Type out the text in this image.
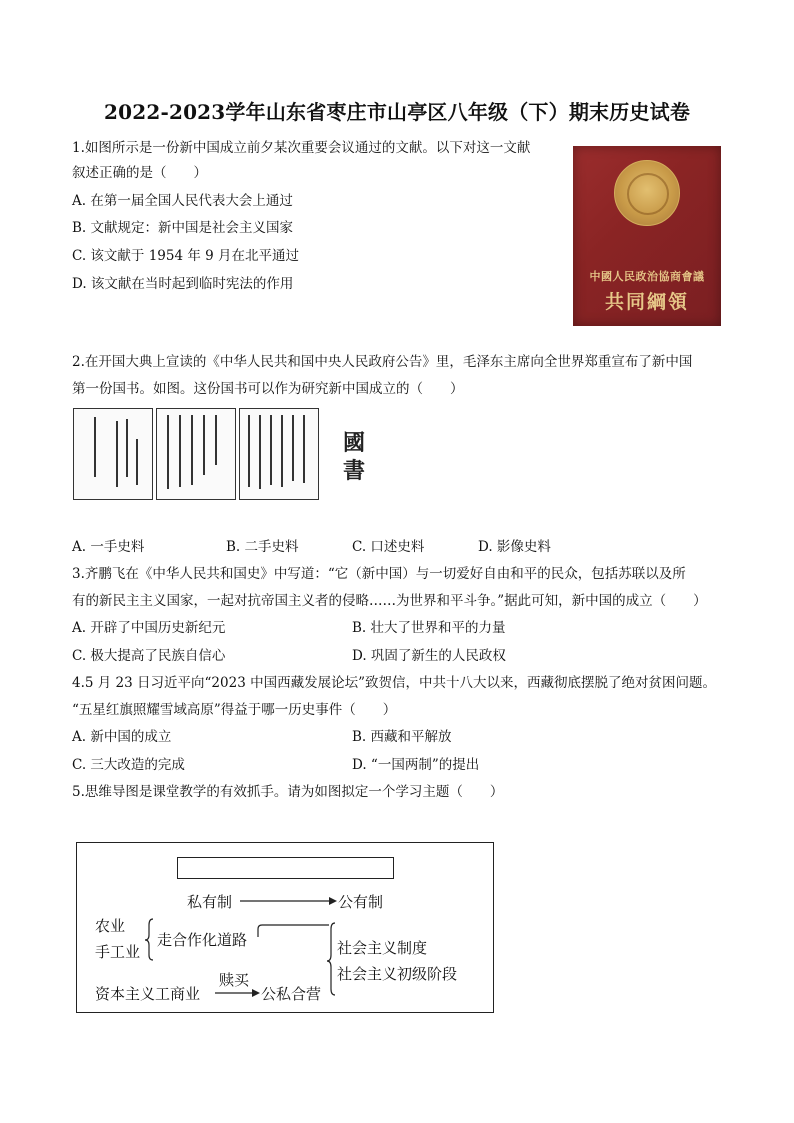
2022-2023学年山东省枣庄市山亭区八年级（下）期末历史试卷
1.如图所示是一份新中国成立前夕某次重要会议通过的文献。以下对这一文献
叙述正确的是（　　）
A. 在第一届全国人民代表大会上通过
B. 文献规定：新中国是社会主义国家
C. 该文献于 1954 年 9 月在北平通过
D. 该文献在当时起到临时宪法的作用	中國人民政治協商會議
共同綱領
2.在开国大典上宣读的《中华人民共和国中央人民政府公告》里，毛泽东主席向全世界郑重宣布了新中国
第一份国书。如图。这份国书可以作为研究新中国成立的（　　）
國
書
A. 一手史料	B. 二手史料	C. 口述史料	D. 影像史料
3.齐鹏飞在《中华人民共和国史》中写道：“它（新中国）与一切爱好自由和平的民众，包括苏联以及所
有的新民主主义国家，一起对抗帝国主义者的侵略……为世界和平斗争。”据此可知，新中国的成立（　　）
A. 开辟了中国历史新纪元	B. 壮大了世界和平的力量
C. 极大提高了民族自信心	D. 巩固了新生的人民政权
4.5 月 23 日习近平向“2023 中国西藏发展论坛”致贺信，中共十八大以来，西藏彻底摆脱了绝对贫困问题。
“五星红旗照耀雪域高原”得益于哪一历史事件（　　）
A. 新中国的成立	B. 西藏和平解放
C. 三大改造的完成	D. “一国两制”的提出
5.思维导图是课堂教学的有效抓手。请为如图拟定一个学习主题（　　）
私有制	公有制
农业
手工业
走合作化道路
资本主义工商业
赎买
公私合营
社会主义制度
社会主义初级阶段
